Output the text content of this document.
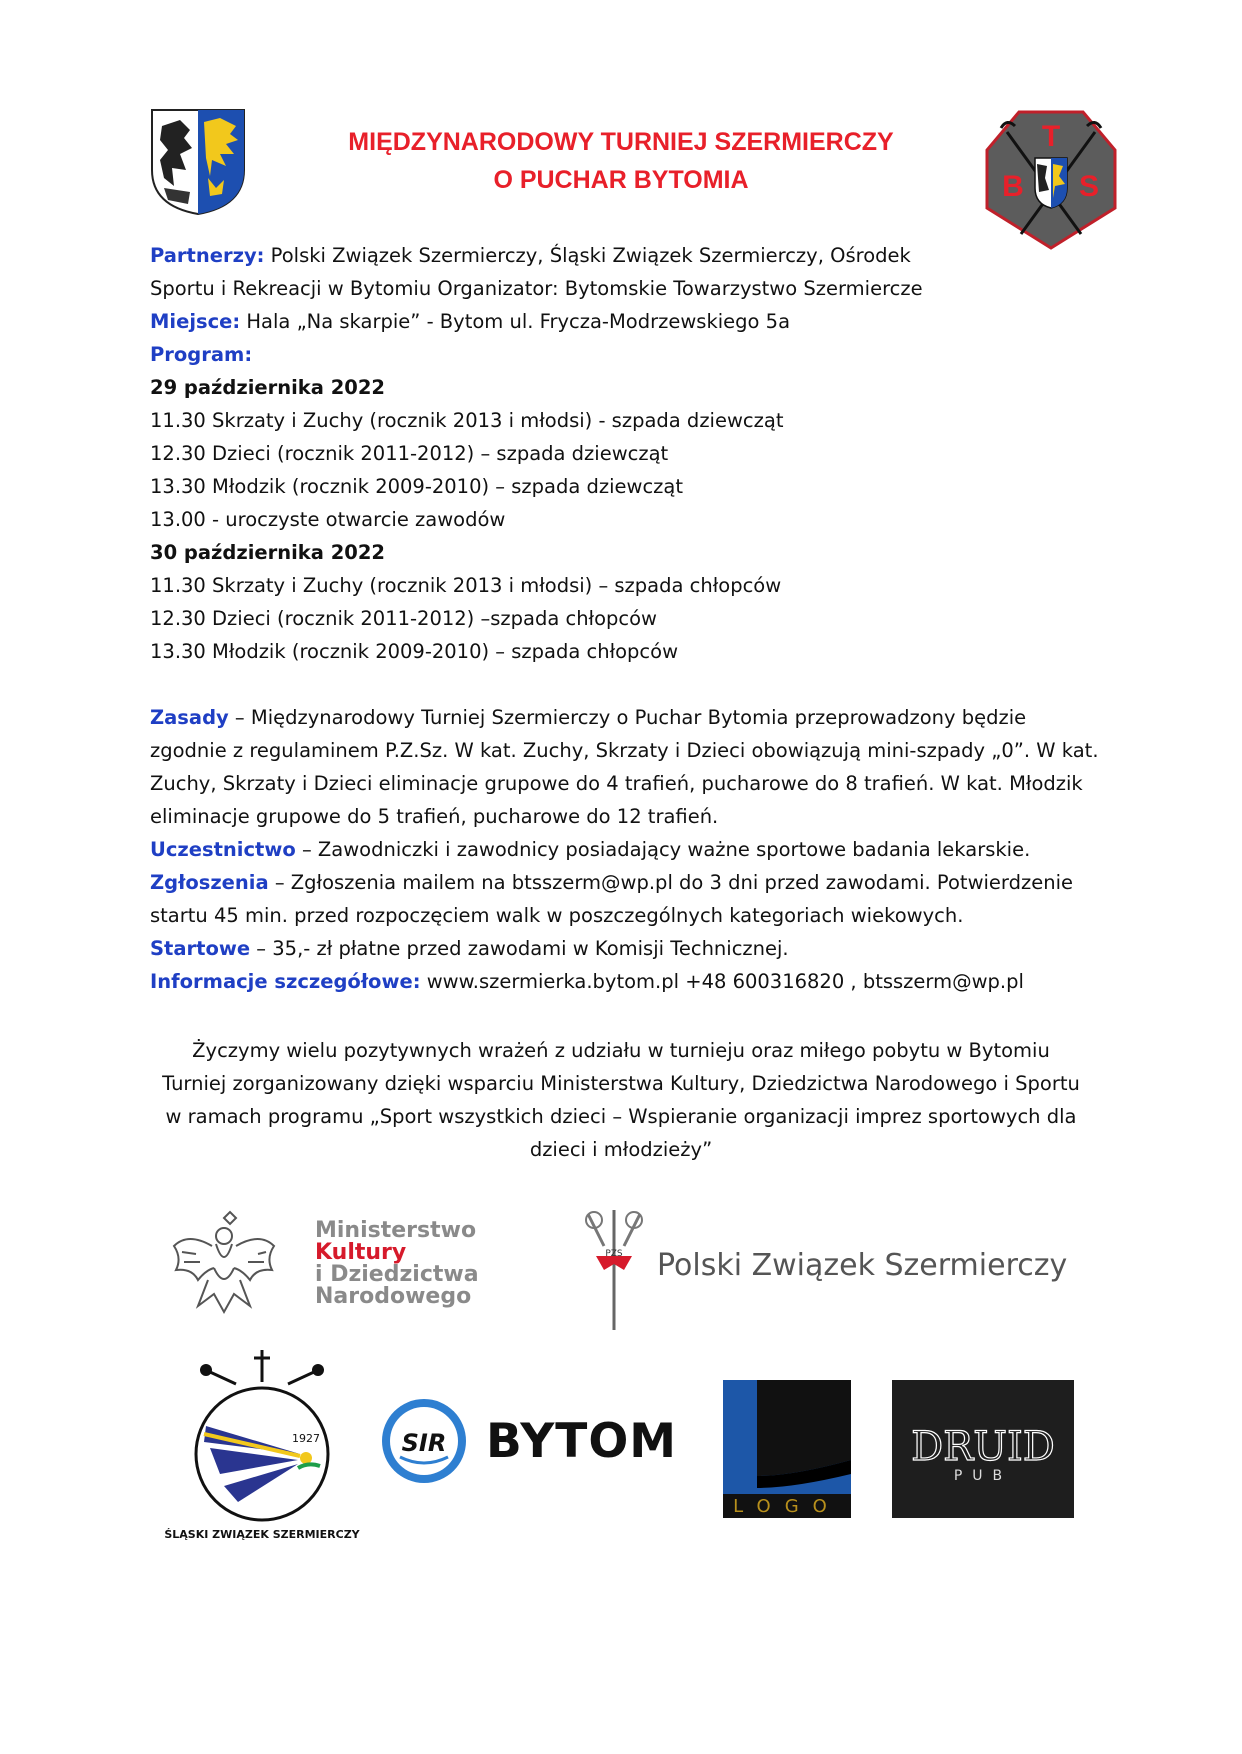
MIĘDZYNARODOWY TURNIEJ SZERMIERCZY
O PUCHAR BYTOMIA
T
B S
Partnerzy: Polski Związek Szermierczy, Śląski Związek Szermierczy, Ośrodek
Sportu i Rekreacji w Bytomiu Organizator: Bytomskie Towarzystwo Szermiercze
Miejsce: Hala „Na skarpie” - Bytom ul. Frycza-Modrzewskiego 5a
Program:
29 października 2022
11.30 Skrzaty i Zuchy (rocznik 2013 i młodsi) - szpada dziewcząt
12.30 Dzieci (rocznik 2011-2012) – szpada dziewcząt
13.30 Młodzik (rocznik 2009-2010) – szpada dziewcząt
13.00 - uroczyste otwarcie zawodów
30 października 2022
11.30 Skrzaty i Zuchy (rocznik 2013 i młodsi) – szpada chłopców
12.30 Dzieci (rocznik 2011-2012) –szpada chłopców
13.30 Młodzik (rocznik 2009-2010) – szpada chłopców
Zasady – Międzynarodowy Turniej Szermierczy o Puchar Bytomia przeprowadzony będzie
zgodnie z regulaminem P.Z.Sz. W kat. Zuchy, Skrzaty i Dzieci obowiązują mini-szpady „0”. W kat.
Zuchy, Skrzaty i Dzieci eliminacje grupowe do 4 trafień, pucharowe do 8 trafień. W kat. Młodzik
eliminacje grupowe do 5 trafień, pucharowe do 12 trafień.
Uczestnictwo – Zawodniczki i zawodnicy posiadający ważne sportowe badania lekarskie.
Zgłoszenia – Zgłoszenia mailem na btsszerm@wp.pl do 3 dni przed zawodami. Potwierdzenie
startu 45 min. przed rozpoczęciem walk w poszczególnych kategoriach wiekowych.
Startowe – 35,- zł płatne przed zawodami w Komisji Technicznej.
Informacje szczegółowe: www.szermierka.bytom.pl +48 600316820 , btsszerm@wp.pl
Życzymy wielu pozytywnych wrażeń z udziału w turnieju oraz miłego pobytu w Bytomiu
Turniej zorganizowany dzięki wsparciu Ministerstwa Kultury, Dziedzictwa Narodowego i Sportu
w ramach programu „Sport wszystkich dzieci – Wspieranie organizacji imprez sportowych dla
dzieci i młodzieży”
Ministerstwo
Kultury
i Dziedzictwa
Narodowego
PZS Polski Związek Szermierczy
1927
ŚLĄSKI ZWIĄZEK SZERMIERCZY
SIR BYTOM
LOGO
DRUID
PUB
